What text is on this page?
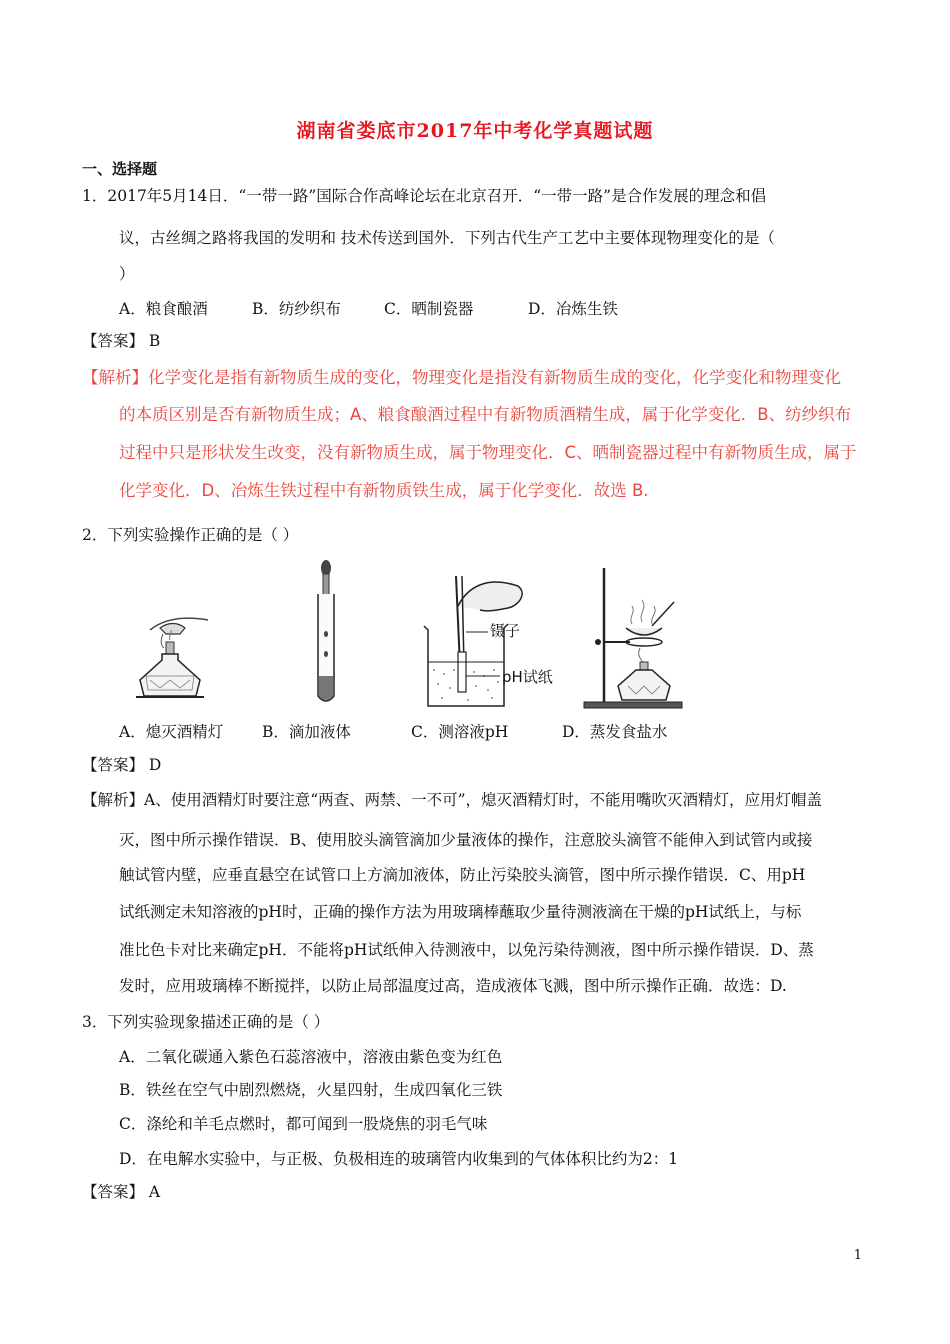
湖南省娄底市2017年中考化学真题试题
一、选择题
1．2017年5月14日．“一带一路”国际合作高峰论坛在北京召开．“一带一路”是合作发展的理念和倡
议，古丝绸之路将我国的发明和 技术传送到国外．下列古代生产工艺中主要体现物理变化的是（
）
A．粮食酿酒	B．纺纱织布	C．晒制瓷器	D．冶炼生铁
【答案】 B
【解析】化学变化是指有新物质生成的变化，物理变化是指没有新物质生成的变化，化学变化和物理变化
的本质区别是否有新物质生成；A、粮食酿酒过程中有新物质酒精生成，属于化学变化．B、纺纱织布
过程中只是形状发生改变，没有新物质生成，属于物理变化．C、晒制瓷器过程中有新物质生成，属于
化学变化．D、冶炼生铁过程中有新物质铁生成，属于化学变化．故选 B.
2．下列实验操作正确的是（ ）
镊子
pH试纸
A．熄灭酒精灯	B．滴加液体	C．测溶液pH	D．蒸发食盐水
【答案】 D
【解析】A、使用酒精灯时要注意“两查、两禁、一不可”，熄灭酒精灯时，不能用嘴吹灭酒精灯，应用灯帽盖
灭，图中所示操作错误．B、使用胶头滴管滴加少量液体的操作，注意胶头滴管不能伸入到试管内或接
触试管内壁，应垂直悬空在试管口上方滴加液体，防止污染胶头滴管，图中所示操作错误．C、用pH
试纸测定未知溶液的pH时，正确的操作方法为用玻璃棒蘸取少量待测液滴在干燥的pH试纸上，与标
准比色卡对比来确定pH．不能将pH试纸伸入待测液中，以免污染待测液，图中所示操作错误．D、蒸
发时，应用玻璃棒不断搅拌，以防止局部温度过高，造成液体飞溅，图中所示操作正确．故选：D.
3．下列实验现象描述正确的是（ ）
A．二氧化碳通入紫色石蕊溶液中，溶液由紫色变为红色
B．铁丝在空气中剧烈燃烧，火星四射，生成四氧化三铁
C．涤纶和羊毛点燃时，都可闻到一股烧焦的羽毛气味
D．在电解水实验中，与正极、负极相连的玻璃管内收集到的气体体积比约为2：1
【答案】 A
1
